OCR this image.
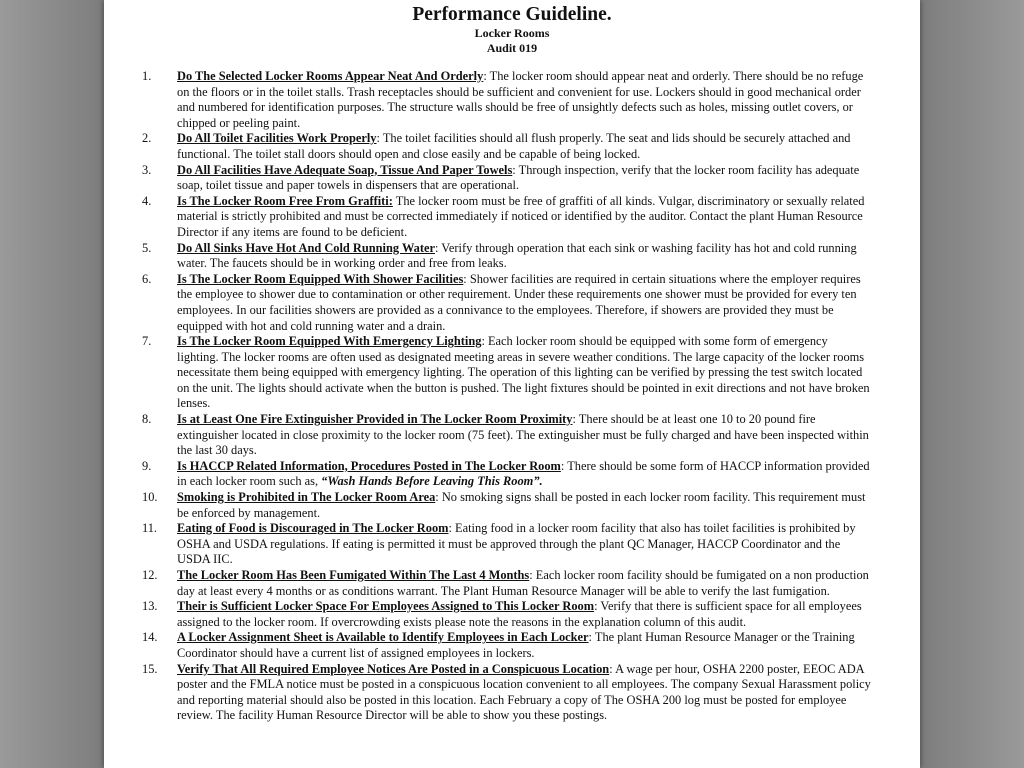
Performance Guideline.
Locker Rooms
Audit 019
1.	Do The Selected Locker Rooms Appear Neat And Orderly: The locker room should appear neat and orderly. There should be no refuge on the floors or in the toilet stalls. Trash receptacles should be sufficient and convenient for use. Lockers should in good mechanical order and numbered for identification purposes. The structure walls should be free of unsightly defects such as holes, missing outlet covers, or chipped or peeling paint.
2.	Do All Toilet Facilities Work Properly: The toilet facilities should all flush properly. The seat and lids should be securely attached and functional. The toilet stall doors should open and close easily and be capable of being locked.
3.	Do All Facilities Have Adequate Soap, Tissue And Paper Towels: Through inspection, verify that the locker room facility has adequate soap, toilet tissue and paper towels in dispensers that are operational.
4.	Is The Locker Room Free From Graffiti: The locker room must be free of graffiti of all kinds. Vulgar, discriminatory or sexually related material is strictly prohibited and must be corrected immediately if noticed or identified by the auditor. Contact the plant Human Resource Director if any items are found to be deficient.
5.	Do All Sinks Have Hot And Cold Running Water: Verify through operation that each sink or washing facility has hot and cold running water. The faucets should be in working order and free from leaks.
6.	Is The Locker Room Equipped With Shower Facilities: Shower facilities are required in certain situations where the employer requires the employee to shower due to contamination or other requirement. Under these requirements one shower must be provided for every ten employees. In our facilities showers are provided as a connivance to the employees. Therefore, if showers are provided they must be equipped with hot and cold running water and a drain.
7.	Is The Locker Room Equipped With Emergency Lighting: Each locker room should be equipped with some form of emergency lighting. The locker rooms are often used as designated meeting areas in severe weather conditions. The large capacity of the locker rooms necessitate them being equipped with emergency lighting. The operation of this lighting can be verified by pressing the test switch located on the unit. The lights should activate when the button is pushed. The light fixtures should be pointed in exit directions and not have broken lenses.
8.	Is at Least One Fire Extinguisher Provided in The Locker Room Proximity: There should be at least one 10 to 20 pound fire extinguisher located in close proximity to the locker room (75 feet). The extinguisher must be fully charged and have been inspected within the last 30 days.
9.	Is HACCP Related Information, Procedures Posted in The Locker Room: There should be some form of HACCP information provided in each locker room such as, “Wash Hands Before Leaving This Room”.
10.	Smoking is Prohibited in The Locker Room Area: No smoking signs shall be posted in each locker room facility. This requirement must be enforced by management.
11.	Eating of Food is Discouraged in The Locker Room: Eating food in a locker room facility that also has toilet facilities is prohibited by OSHA and USDA regulations. If eating is permitted it must be approved through the plant QC Manager, HACCP Coordinator and the USDA IIC.
12.	The Locker Room Has Been Fumigated Within The Last 4 Months: Each locker room facility should be fumigated on a non production day at least every 4 months or as conditions warrant. The Plant Human Resource Manager will be able to verify the last fumigation.
13.	Their is Sufficient Locker Space For Employees Assigned to This Locker Room: Verify that there is sufficient space for all employees assigned to the locker room. If overcrowding exists please note the reasons in the explanation column of this audit.
14.	A Locker Assignment Sheet is Available to Identify Employees in Each Locker: The plant Human Resource Manager or the Training Coordinator should have a current list of assigned employees in lockers.
15.	Verify That All Required Employee Notices Are Posted in a Conspicuous Location: A wage per hour, OSHA 2200 poster, EEOC ADA poster and the FMLA notice must be posted in a conspicuous location convenient to all employees. The company Sexual Harassment policy and reporting material should also be posted in this location. Each February a copy of The OSHA 200 log must be posted for employee review. The facility Human Resource Director will be able to show you these postings.
